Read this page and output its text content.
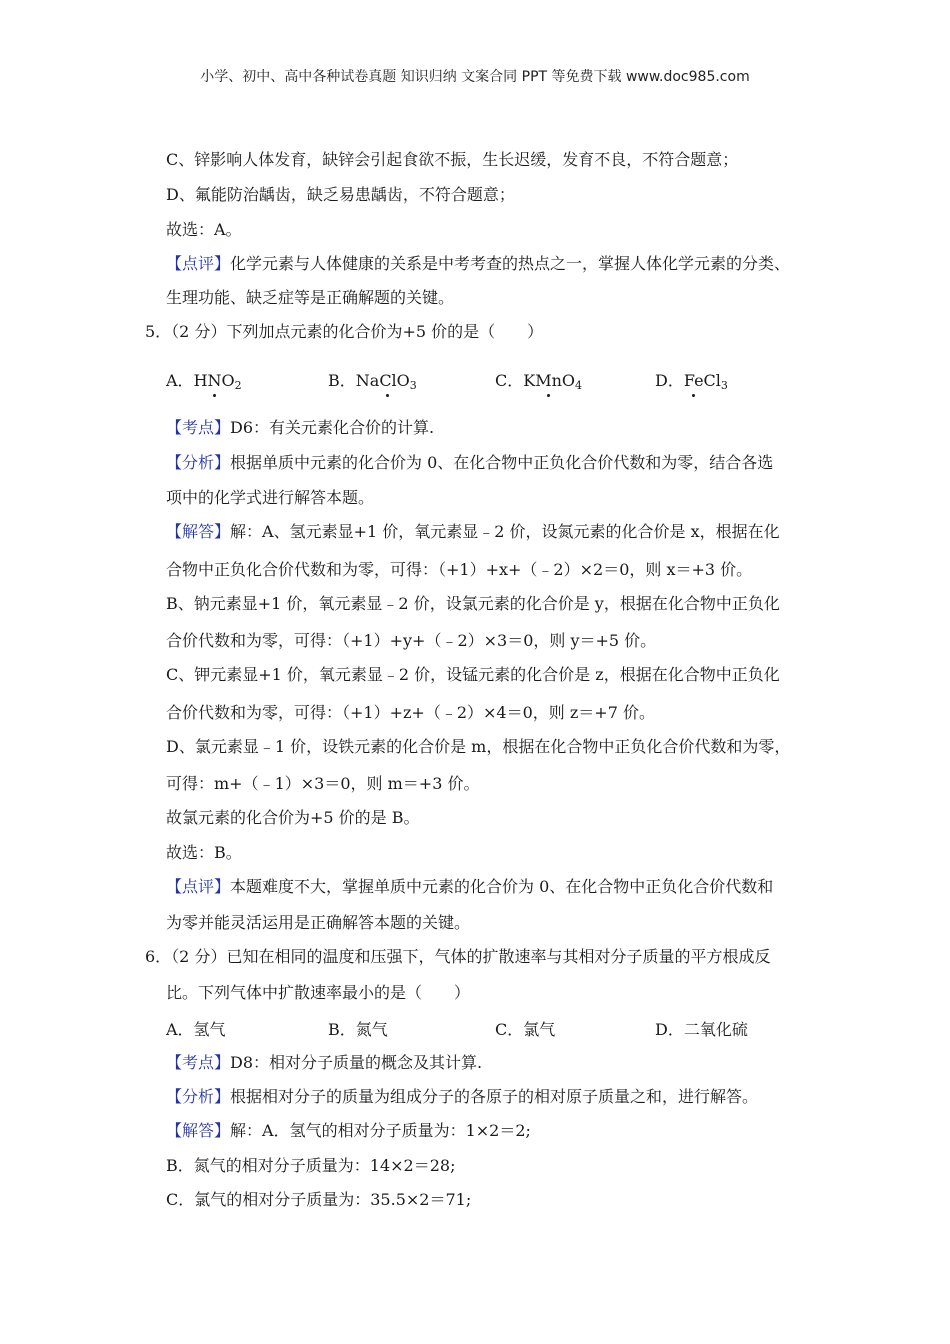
小学、初中、高中各种试卷真题 知识归纳 文案合同 PPT 等免费下载 www.doc985.com
C、锌影响人体发育，缺锌会引起食欲不振，生长迟缓，发育不良，不符合题意；
D、氟能防治龋齿，缺乏易患龋齿，不符合题意；
故选：A。
【点评】化学元素与人体健康的关系是中考考查的热点之一，掌握人体化学元素的分类、
生理功能、缺乏症等是正确解题的关键。
5．（2 分）下列加点元素的化合价为+5 价的是（　　）
A．$HNO_2$	B．NaClO$_3$	C．KMnO$_4$	D．FeCl$_3$
【考点】D6：有关元素化合价的计算.
【分析】根据单质中元素的化合价为 0、在化合物中正负化合价代数和为零，结合各选
项中的化学式进行解答本题。
【解答】解：A、氢元素显+1 价，氧元素显﹣2 价，设氮元素的化合价是 x，根据在化
合物中正负化合价代数和为零，可得：（+1）+x+（﹣2）×2＝0，则 x＝+3 价。
B、钠元素显+1 价，氧元素显﹣2 价，设氯元素的化合价是 y，根据在化合物中正负化
合价代数和为零，可得：（+1）+y+（﹣2）×3＝0，则 y＝+5 价。
C、钾元素显+1 价，氧元素显﹣2 价，设锰元素的化合价是 z，根据在化合物中正负化
合价代数和为零，可得：（+1）+z+（﹣2）×4＝0，则 z＝+7 价。
D、氯元素显﹣1 价，设铁元素的化合价是 m，根据在化合物中正负化合价代数和为零，
可得：m+（﹣1）×3＝0，则 m＝+3 价。
故氯元素的化合价为+5 价的是 B。
故选：B。
【点评】本题难度不大，掌握单质中元素的化合价为 0、在化合物中正负化合价代数和
为零并能灵活运用是正确解答本题的关键。
6．（2 分）已知在相同的温度和压强下，气体的扩散速率与其相对分子质量的平方根成反
比。下列气体中扩散速率最小的是（　　）
A．氢气	B．氮气	C．氯气	D．二氧化硫
【考点】D8：相对分子质量的概念及其计算.
【分析】根据相对分子的质量为组成分子的各原子的相对原子质量之和，进行解答。
【解答】解：A．氢气的相对分子质量为：1×2＝2;
B．氮气的相对分子质量为：14×2＝28;
C．氯气的相对分子质量为：35.5×2＝71;
